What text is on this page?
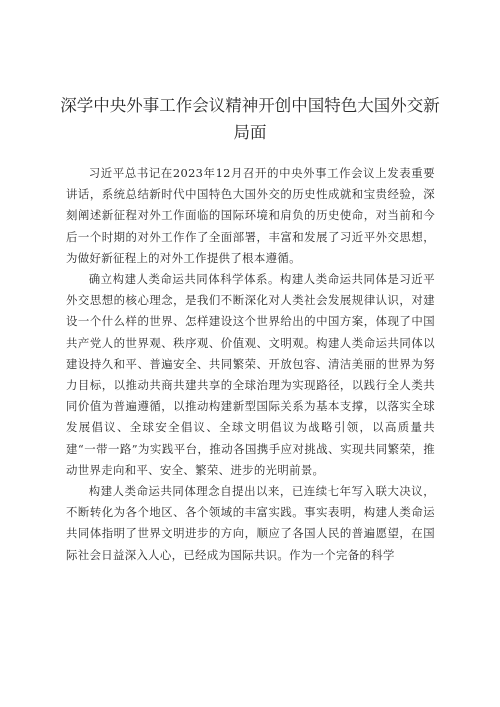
深学中央外事工作会议精神开创中国特色大国外交新局面

习近平总书记在2023年12月召开的中央外事工作会议上发表重要讲话，系统总结新时代中国特色大国外交的历史性成就和宝贵经验，深刻阐述新征程对外工作面临的国际环境和肩负的历史使命，对当前和今后一个时期的对外工作作了全面部署，丰富和发展了习近平外交思想，为做好新征程上的对外工作提供了根本遵循。

确立构建人类命运共同体科学体系。构建人类命运共同体是习近平外交思想的核心理念，是我们不断深化对人类社会发展规律认识，对建设一个什么样的世界、怎样建设这个世界给出的中国方案，体现了中国共产党人的世界观、秩序观、价值观、文明观。构建人类命运共同体以建设持久和平、普遍安全、共同繁荣、开放包容、清洁美丽的世界为努力目标，以推动共商共建共享的全球治理为实现路径，以践行全人类共同价值为普遍遵循，以推动构建新型国际关系为基本支撑，以落实全球发展倡议、全球安全倡议、全球文明倡议为战略引领，以高质量共建“一带一路”为实践平台，推动各国携手应对挑战、实现共同繁荣，推动世界走向和平、安全、繁荣、进步的光明前景。

构建人类命运共同体理念自提出以来，已连续七年写入联大决议，不断转化为各个地区、各个领域的丰富实践。事实表明，构建人类命运共同体指明了世界文明进步的方向，顺应了各国人民的普遍愿望，在国际社会日益深入人心，已经成为国际共识。作为一个完备的科学
